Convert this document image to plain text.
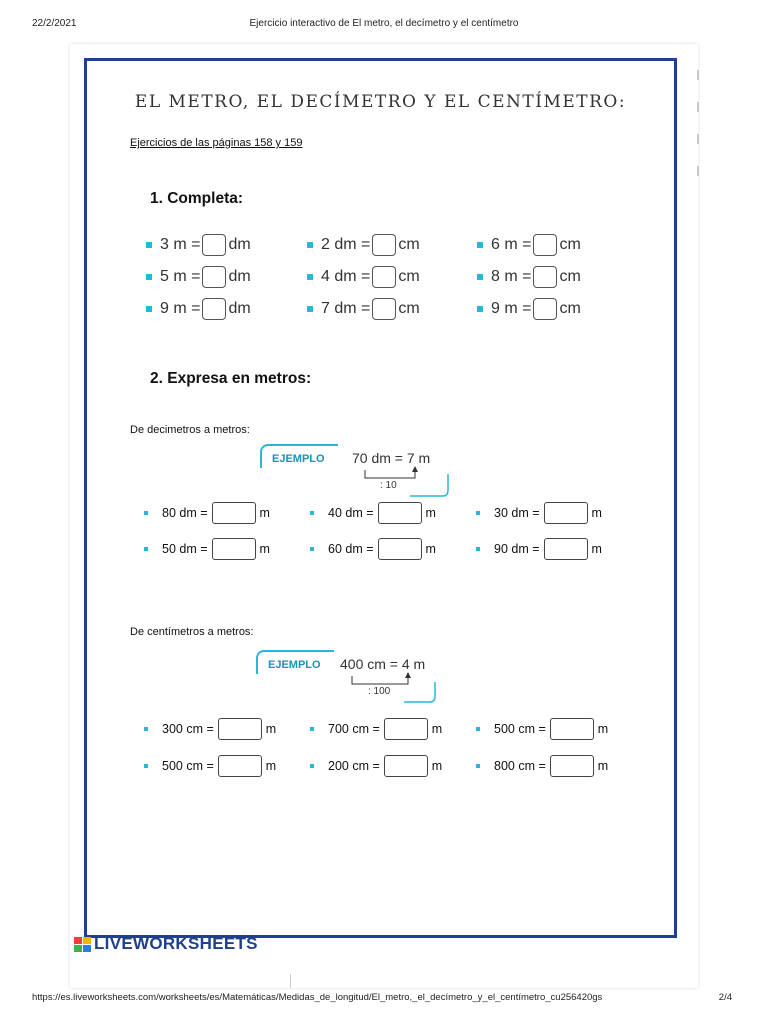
22/2/2021	Ejercicio interactivo de El metro, el decímetro y el centímetro
EL METRO, EL DECÍMETRO Y EL CENTÍMETRO:
Ejercicios de las páginas 158 y 159
1. Completa:
3 m = dm	2 dm = cm	6 m = cm
5 m = dm	4 dm = cm	8 m = cm
9 m = dm	7 dm = cm	9 m = cm
2. Expresa en metros:
De decimetros a metros:
EJEMPLO	70 dm = 7 m
: 10
80 dm =	m	40 dm =	m	30 dm =	m
50 dm =	m	60 dm =	m	90 dm =	m
De centímetros a metros:
EJEMPLO	400 cm = 4 m
: 100
300 cm =	m	700 cm =	m	500 cm =	m
500 cm =	m	200 cm =	m	800 cm =	m
LIVEWORKSHEETS
https://es.liveworksheets.com/worksheets/es/Matemáticas/Medidas_de_longitud/El_metro,_el_decímetro_y_el_centímetro_cu256420gs	2/4
